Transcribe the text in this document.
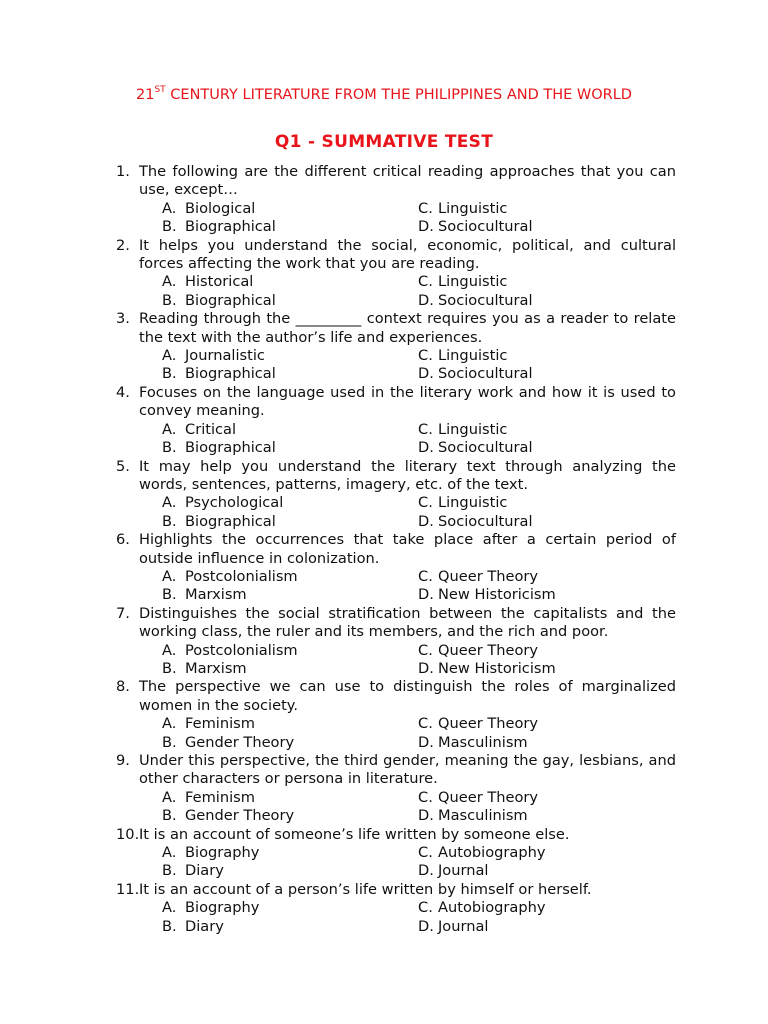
21ST CENTURY LITERATURE FROM THE PHILIPPINES AND THE WORLD
Q1 - SUMMATIVE TEST
1. The following are the different critical reading approaches that you can use, except…
A. Biological	C. Linguistic
B. Biographical	D. Sociocultural
2. It helps you understand the social, economic, political, and cultural forces affecting the work that you are reading.
A. Historical	C. Linguistic
B. Biographical	D. Sociocultural
3. Reading through the _________ context requires you as a reader to relate the text with the author’s life and experiences.
A. Journalistic	C. Linguistic
B. Biographical	D. Sociocultural
4. Focuses on the language used in the literary work and how it is used to convey meaning.
A. Critical	C. Linguistic
B. Biographical	D. Sociocultural
5. It may help you understand the literary text through analyzing the words, sentences, patterns, imagery, etc. of the text.
A. Psychological	C. Linguistic
B. Biographical	D. Sociocultural
6. Highlights the occurrences that take place after a certain period of outside influence in colonization.
A. Postcolonialism	C. Queer Theory
B. Marxism	D. New Historicism
7. Distinguishes the social stratification between the capitalists and the working class, the ruler and its members, and the rich and poor.
A. Postcolonialism	C. Queer Theory
B. Marxism	D. New Historicism
8. The perspective we can use to distinguish the roles of marginalized women in the society.
A. Feminism	C. Queer Theory
B. Gender Theory	D. Masculinism
9. Under this perspective, the third gender, meaning the gay, lesbians, and other characters or persona in literature.
A. Feminism	C. Queer Theory
B. Gender Theory	D. Masculinism
10. It is an account of someone’s life written by someone else.
A. Biography	C. Autobiography
B. Diary	D. Journal
11. It is an account of a person’s life written by himself or herself.
A. Biography	C. Autobiography
B. Diary	D. Journal
